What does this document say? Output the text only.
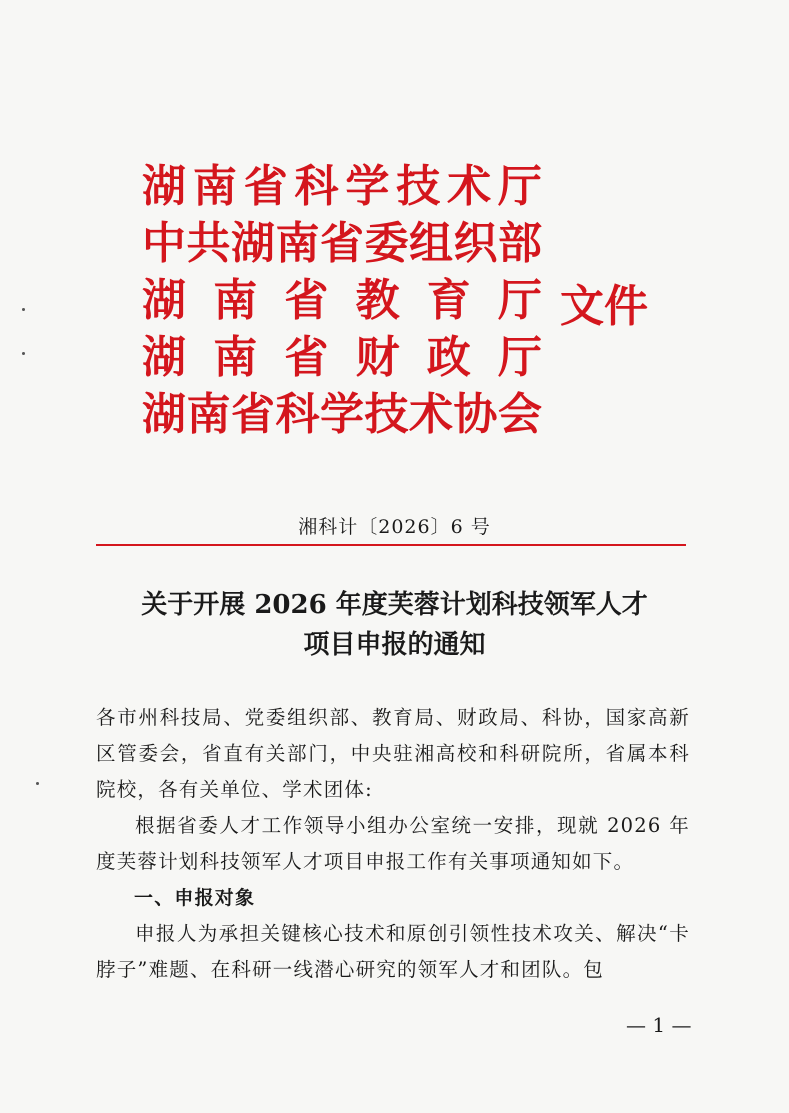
湖 南 省 科 学 技 术 厅
中 共 湖 南 省 委 组 织 部
湖 南 省 教 育 厅
湖 南 省 财 政 厅
湖 南 省 科 学 技 术 协 会
文件
湘科计〔2026〕6 号
关于开展 2026 年度芙蓉计划科技领军人才
项目申报的通知

各市州科技局、党委组织部、教育局、财政局、科协，国家高新区管委会，省直有关部门，中央驻湘高校和科研院所，省属本科院校，各有关单位、学术团体:

根据省委人才工作领导小组办公室统一安排，现就 2026 年度芙蓉计划科技领军人才项目申报工作有关事项通知如下。

一、申报对象

申报人为承担关键核心技术和原创引领性技术攻关、解决“卡脖子”难题、在科研一线潜心研究的领军人才和团队。包

— 1 —
